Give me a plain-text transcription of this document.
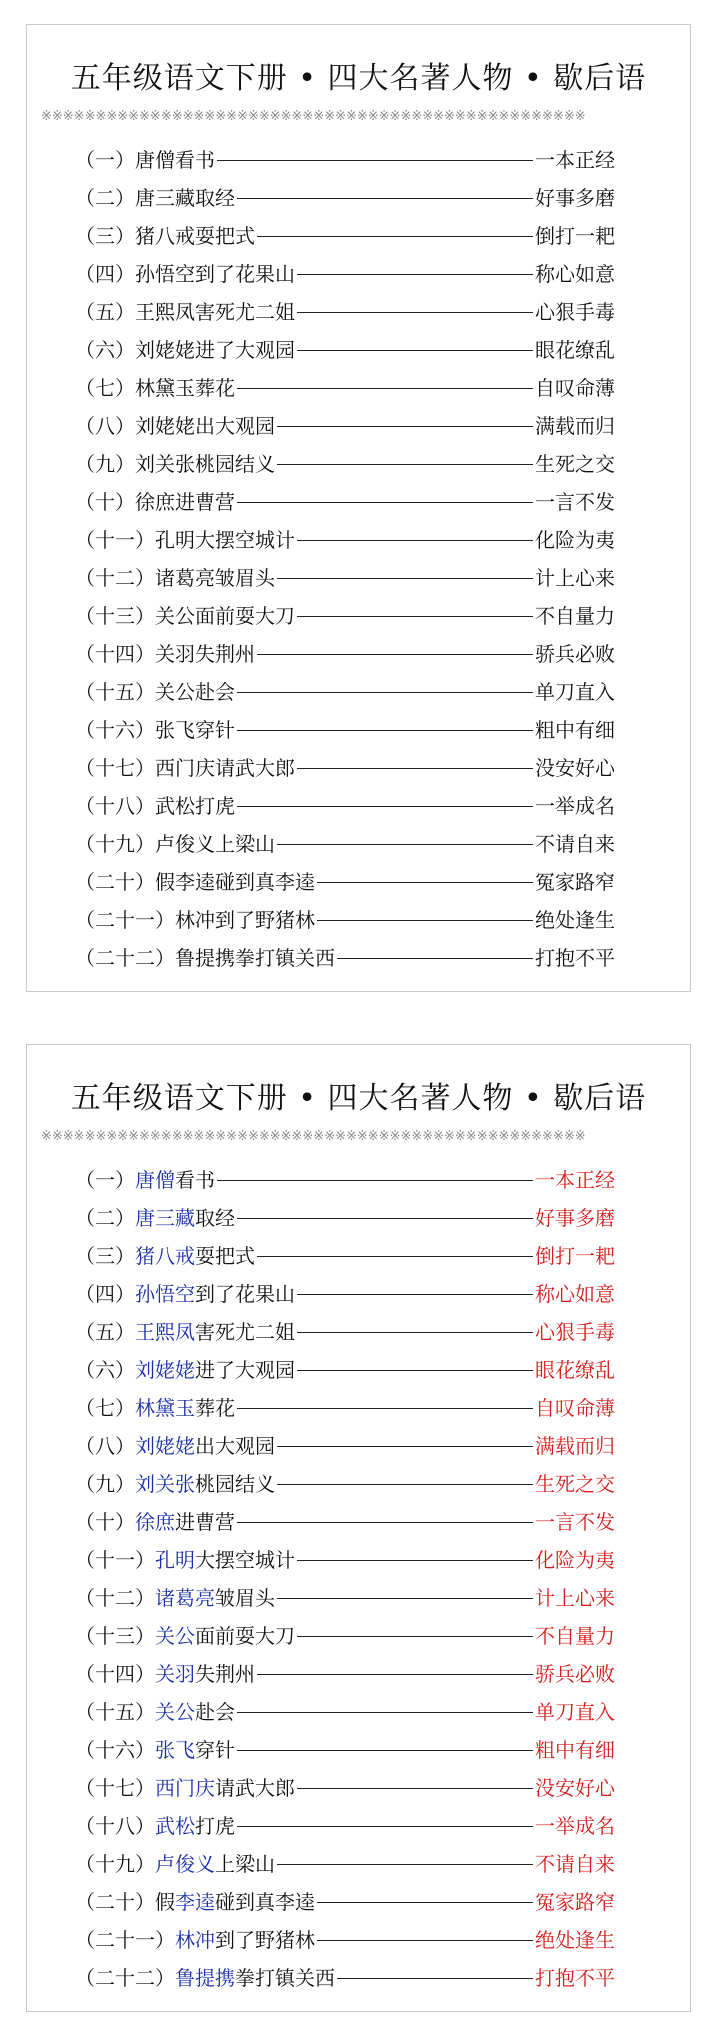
五年级语文下册 • 四大名著人物 • 歇后语
※※※※※※※※※※※※※※※※※※※※※※※※※※※※※※※※※※※※※※※※※※※※※※※※※※
（一）唐僧看书	一本正经
（二）唐三藏取经	好事多磨
（三）猪八戒耍把式	倒打一耙
（四）孙悟空到了花果山	称心如意
（五）王熙凤害死尤二姐	心狠手毒
（六）刘姥姥进了大观园	眼花缭乱
（七）林黛玉葬花	自叹命薄
（八）刘姥姥出大观园	满载而归
（九）刘关张桃园结义	生死之交
（十）徐庶进曹营	一言不发
（十一）孔明大摆空城计	化险为夷
（十二）诸葛亮皱眉头	计上心来
（十三）关公面前耍大刀	不自量力
（十四）关羽失荆州	骄兵必败
（十五）关公赴会	单刀直入
（十六）张飞穿针	粗中有细
（十七）西门庆请武大郎	没安好心
（十八）武松打虎	一举成名
（十九）卢俊义上梁山	不请自来
（二十）假李逵碰到真李逵	冤家路窄
（二十一）林冲到了野猪林	绝处逢生
（二十二）鲁提携拳打镇关西	打抱不平
五年级语文下册 • 四大名著人物 • 歇后语
※※※※※※※※※※※※※※※※※※※※※※※※※※※※※※※※※※※※※※※※※※※※※※※※※※
（一）唐僧看书	一本正经
（二）唐三藏取经	好事多磨
（三）猪八戒耍把式	倒打一耙
（四）孙悟空到了花果山	称心如意
（五）王熙凤害死尤二姐	心狠手毒
（六）刘姥姥进了大观园	眼花缭乱
（七）林黛玉葬花	自叹命薄
（八）刘姥姥出大观园	满载而归
（九）刘关张桃园结义	生死之交
（十）徐庶进曹营	一言不发
（十一）孔明大摆空城计	化险为夷
（十二）诸葛亮皱眉头	计上心来
（十三）关公面前耍大刀	不自量力
（十四）关羽失荆州	骄兵必败
（十五）关公赴会	单刀直入
（十六）张飞穿针	粗中有细
（十七）西门庆请武大郎	没安好心
（十八）武松打虎	一举成名
（十九）卢俊义上梁山	不请自来
（二十）假李逵碰到真李逵	冤家路窄
（二十一）林冲到了野猪林	绝处逢生
（二十二）鲁提携拳打镇关西	打抱不平
